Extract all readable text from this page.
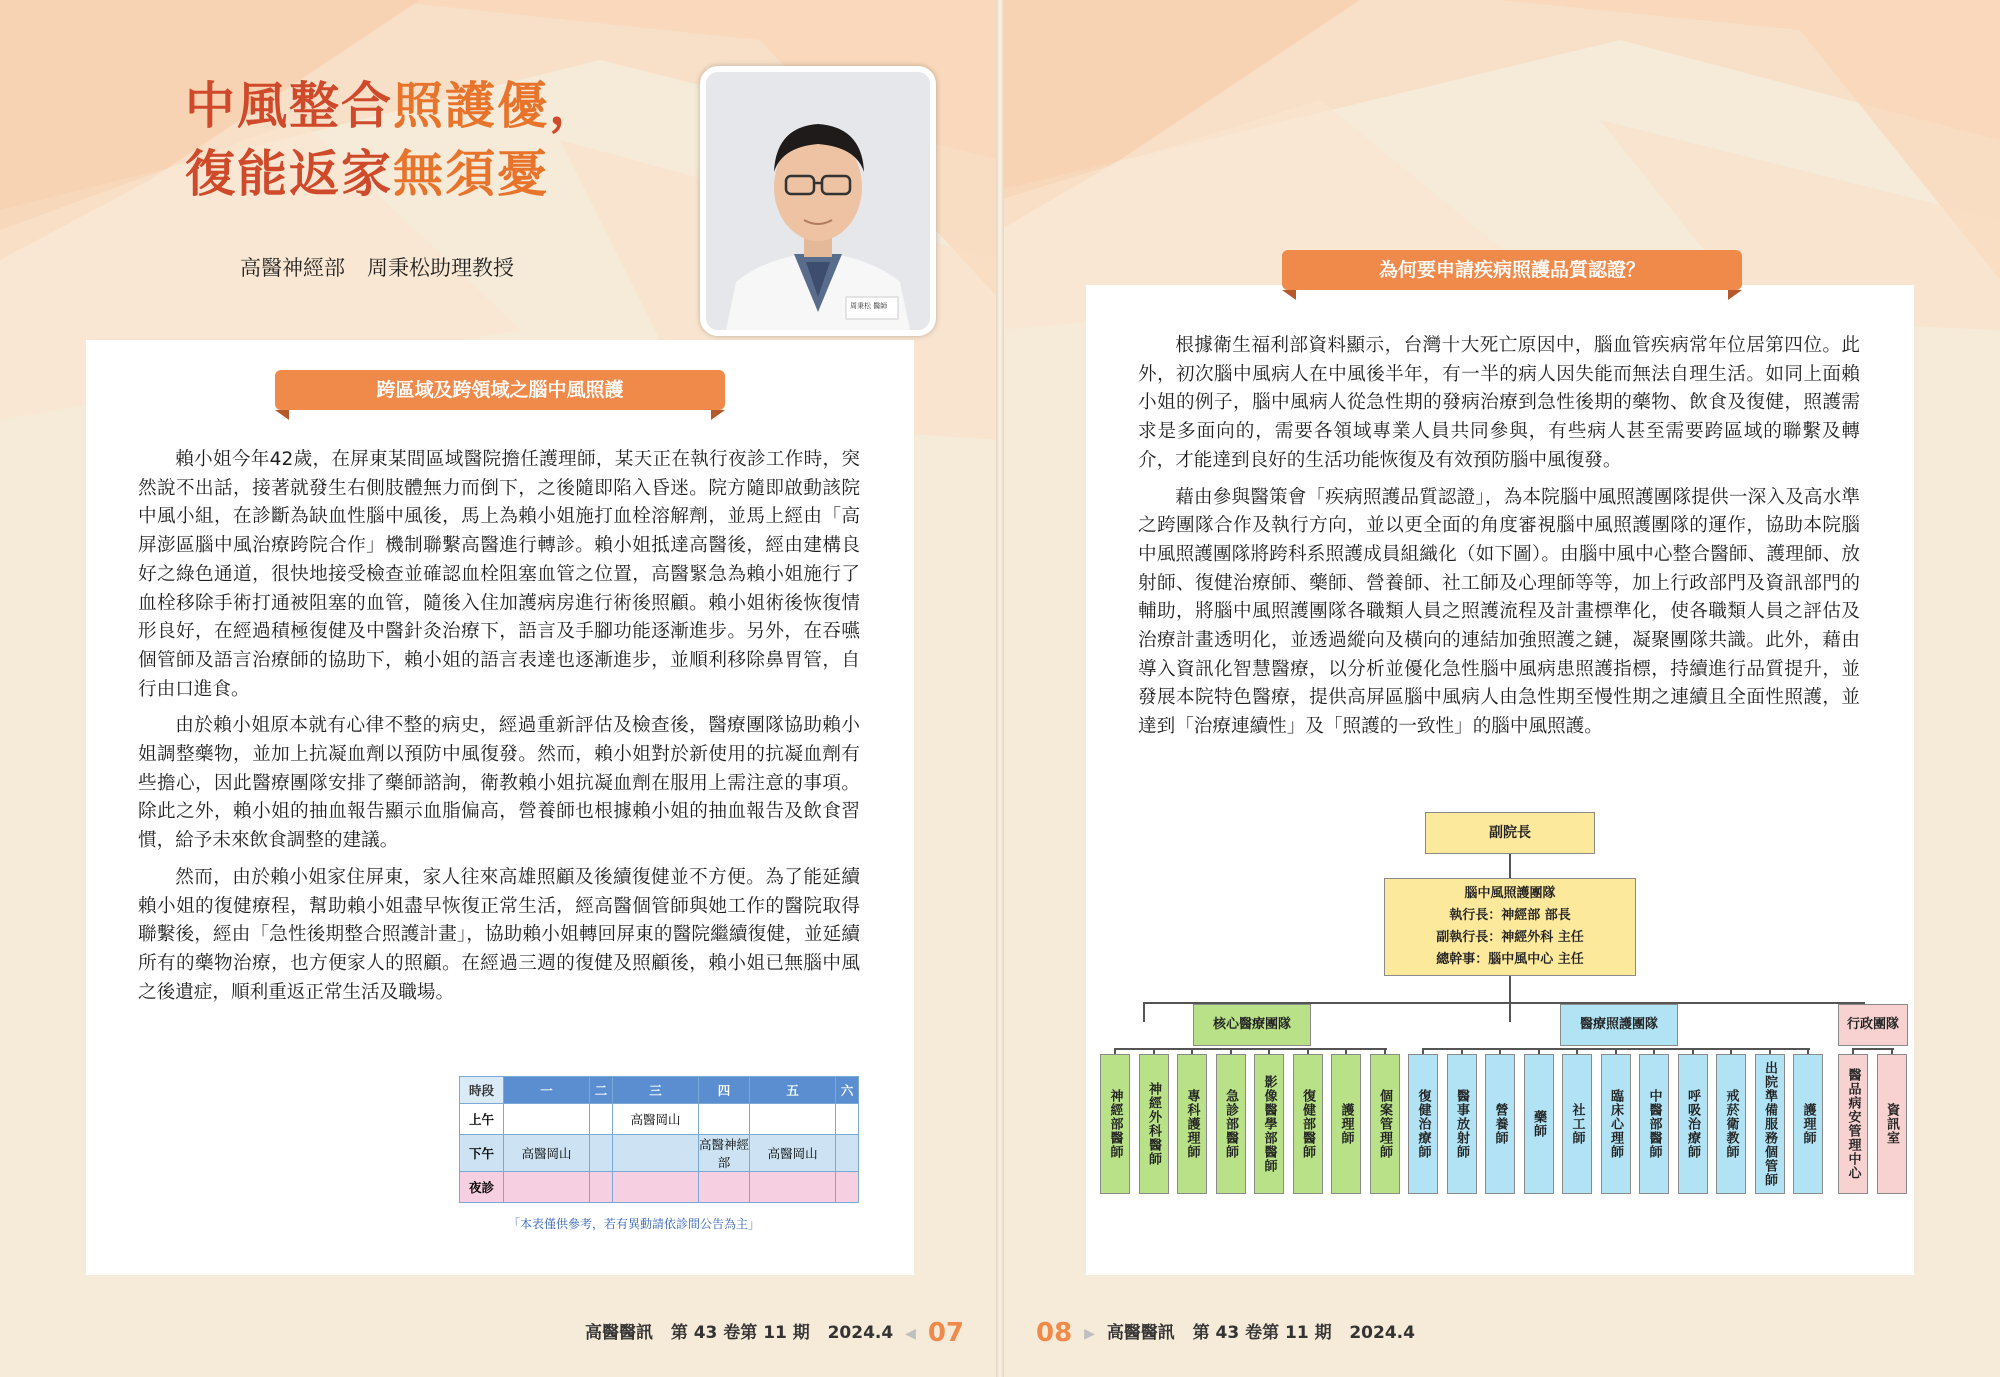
中風整合照護優，
復能返家無須憂
高醫神經部 周秉松助理教授
周秉松 醫師
跨區域及跨領域之腦中風照護

賴小姐今年42歲，在屏東某間區域醫院擔任護理師，某天正在執行夜診工作時，突然說不出話，接著就發生右側肢體無力而倒下，之後隨即陷入昏迷。院方隨即啟動該院中風小組，在診斷為缺血性腦中風後，馬上為賴小姐施打血栓溶解劑，並馬上經由「高屏澎區腦中風治療跨院合作」機制聯繫高醫進行轉診。賴小姐抵達高醫後，經由建構良好之綠色通道，很快地接受檢查並確認血栓阻塞血管之位置，高醫緊急為賴小姐施行了血栓移除手術打通被阻塞的血管，隨後入住加護病房進行術後照顧。賴小姐術後恢復情形良好，在經過積極復健及中醫針灸治療下，語言及手腳功能逐漸進步。另外，在吞嚥個管師及語言治療師的協助下，賴小姐的語言表達也逐漸進步，並順利移除鼻胃管，自行由口進食。

由於賴小姐原本就有心律不整的病史，經過重新評估及檢查後，醫療團隊協助賴小姐調整藥物，並加上抗凝血劑以預防中風復發。然而，賴小姐對於新使用的抗凝血劑有些擔心，因此醫療團隊安排了藥師諮詢，衛教賴小姐抗凝血劑在服用上需注意的事項。除此之外，賴小姐的抽血報告顯示血脂偏高，營養師也根據賴小姐的抽血報告及飲食習慣，給予未來飲食調整的建議。

然而，由於賴小姐家住屏東，家人往來高雄照顧及後續復健並不方便。為了能延續賴小姐的復健療程，幫助賴小姐盡早恢復正常生活，經高醫個管師與她工作的醫院取得聯繫後，經由「急性後期整合照護計畫」，協助賴小姐轉回屏東的醫院繼續復健，並延續所有的藥物治療，也方便家人的照顧。在經過三週的復健及照顧後，賴小姐已無腦中風之後遺症，順利重返正常生活及職場。

時段	一	二	三	四	五	六
上午			高醫岡山			
下午	高醫岡山			高醫神經部	高醫岡山	
夜診						
「本表僅供參考，若有異動請依診間公告為主」
高醫醫訊 第 43 卷第 11 期 2024.4 ◀ 07
為何要申請疾病照護品質認證？

根據衛生福利部資料顯示，台灣十大死亡原因中，腦血管疾病常年位居第四位。此外，初次腦中風病人在中風後半年，有一半的病人因失能而無法自理生活。如同上面賴小姐的例子，腦中風病人從急性期的發病治療到急性後期的藥物、飲食及復健，照護需求是多面向的，需要各領域專業人員共同參與，有些病人甚至需要跨區域的聯繫及轉介，才能達到良好的生活功能恢復及有效預防腦中風復發。

藉由參與醫策會「疾病照護品質認證」，為本院腦中風照護團隊提供一深入及高水準之跨團隊合作及執行方向，並以更全面的角度審視腦中風照護團隊的運作，協助本院腦中風照護團隊將跨科系照護成員組織化（如下圖）。由腦中風中心整合醫師、護理師、放射師、復健治療師、藥師、營養師、社工師及心理師等等，加上行政部門及資訊部門的輔助，將腦中風照護團隊各職類人員之照護流程及計畫標準化，使各職類人員之評估及治療計畫透明化，並透過縱向及橫向的連結加強照護之鏈，凝聚團隊共識。此外，藉由導入資訊化智慧醫療，以分析並優化急性腦中風病患照護指標，持續進行品質提升，並發展本院特色醫療，提供高屏區腦中風病人由急性期至慢性期之連續且全面性照護，並達到「治療連續性」及「照護的一致性」的腦中風照護。

副院長
腦中風照護團隊
執行長：神經部 部長
副執行長：神經外科 主任
總幹事：腦中風中心 主任
核心醫療團隊	醫療照護團隊	行政團隊
神經部醫師	神經外科醫師	專科護理師	急診部醫師	影像醫學部醫師	復健部醫師	護理師	個案管理師	復健治療師	醫事放射師	營養師	藥師	社工師	臨床心理師	中醫部醫師	呼吸治療師	戒菸衛教師	出院準備服務個管師	護理師	醫品病安管理中心	資訊室
08 ▶ 高醫醫訊 第 43 卷第 11 期 2024.4
